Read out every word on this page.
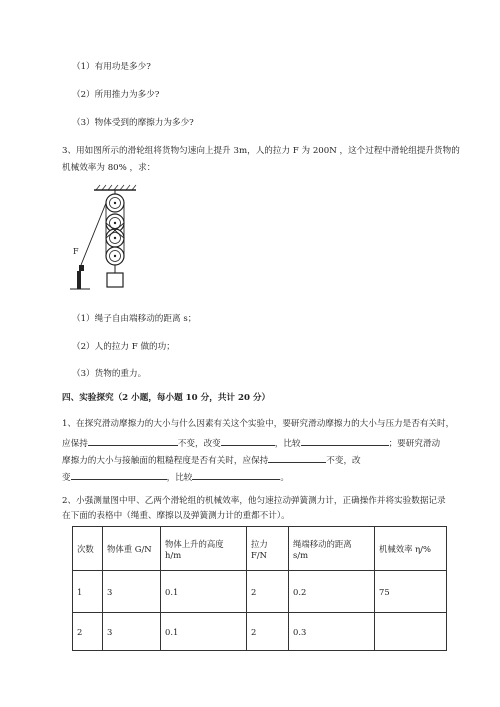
（1）有用功是多少?
（2）所用推力为多少?
（3）物体受到的摩擦力为多少?
3、用如图所示的滑轮组将货物匀速向上提升 3m，人的拉力 F 为 200N ，这个过程中滑轮组提升货物的
机械效率为 80% ，求：
F
（1）绳子自由端移动的距离 s；
（2）人的拉力 F 做的功；
（3）货物的重力。
四、实验探究（2 小题，每小题 10 分，共计 20 分）
1、在探究滑动摩擦力的大小与什么因素有关这个实验中，要研究滑动摩擦力的大小与压力是否有关时，
应保持	不变，改变	，比较	；要研究滑动
摩擦力的大小与接触面的粗糙程度是否有关时，应保持	不变，改
变	，比较	。
2、小强测量图中甲、乙两个滑轮组的机械效率，他匀速拉动弹簧测力计，正确操作并将实验数据记录
在下面的表格中（绳重、摩擦以及弹簧测力计的重都不计）。
次数	物体重 G/N	物体上升的高度
h/m	拉力 F/N	绳端移动的距离
s/m	机械效率 η/%
1	3	0.1	2	0.2	75
2	3	0.1	2	0.3	
